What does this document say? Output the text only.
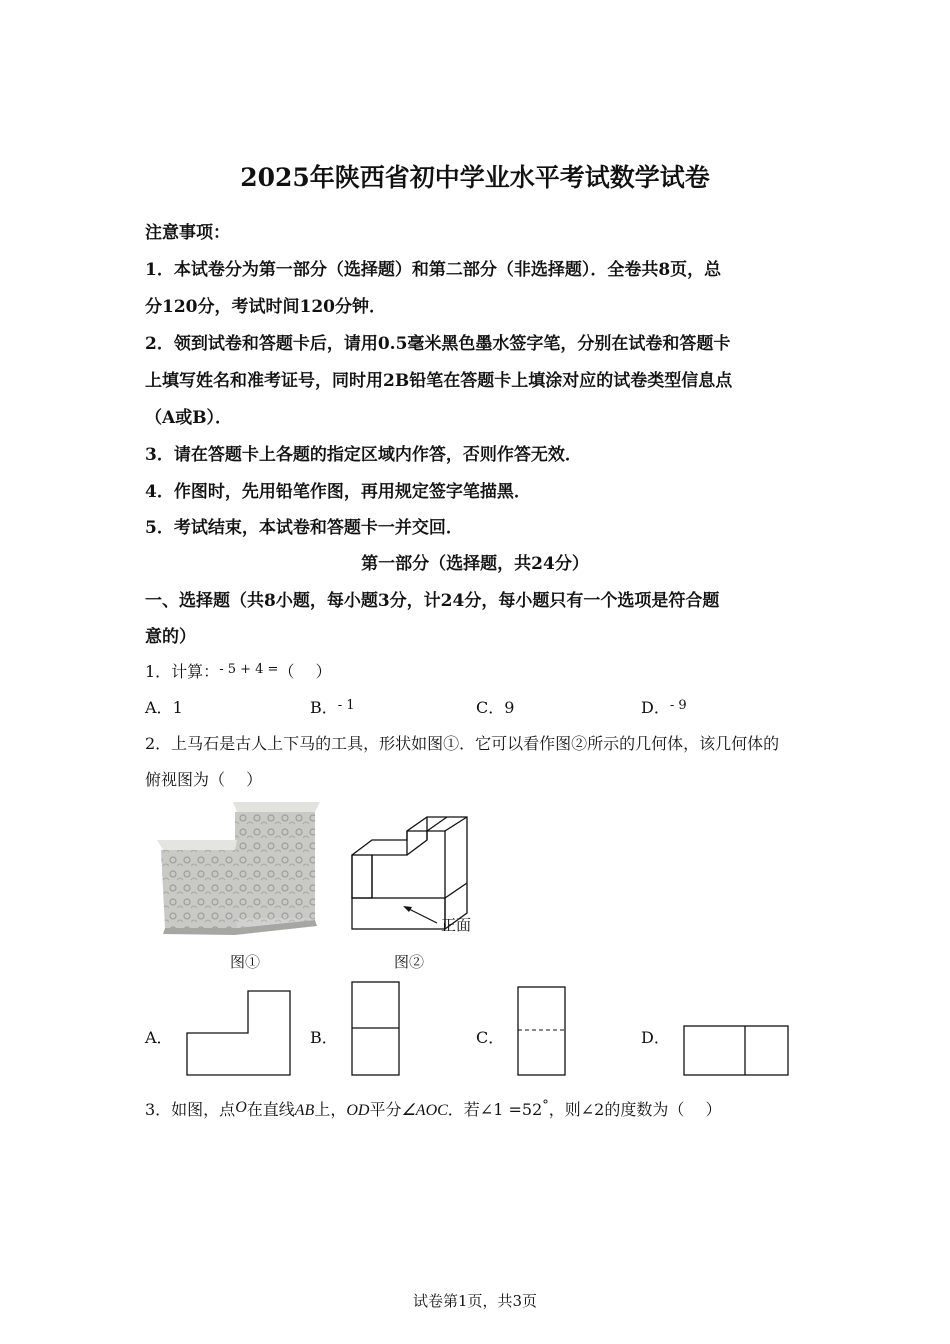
2025年陕西省初中学业水平考试数学试卷
注意事项：
1．本试卷分为第一部分（选择题）和第二部分（非选择题）．全卷共8页，总
分120分，考试时间120分钟．
2．领到试卷和答题卡后，请用0.5毫米黑色墨水签字笔，分别在试卷和答题卡
上填写姓名和准考证号，同时用2B铅笔在答题卡上填涂对应的试卷类型信息点
（A或B）．
3．请在答题卡上各题的指定区域内作答，否则作答无效．
4．作图时，先用铅笔作图，再用规定签字笔描黑．
5．考试结束，本试卷和答题卡一并交回．
第一部分（选择题，共24分）
一、选择题（共8小题，每小题3分，计24分，每小题只有一个选项是符合题
意的）
1．计算：$^{- 5 + 4 =}$（　 ）
A．1	B．$^{- 1}$	C．9	D．$^{- 9}$
2．上马石是古人上下马的工具，形状如图①．它可以看作图②所示的几何体，该几何体的
俯视图为（　 ）
正面
图①	图②
A．	B．	C．	D．
3．如图，点O在直线AB上，OD平分∠AOC．若∠1 =52°，则∠2的度数为（　 ）
试卷第1页，共3页
